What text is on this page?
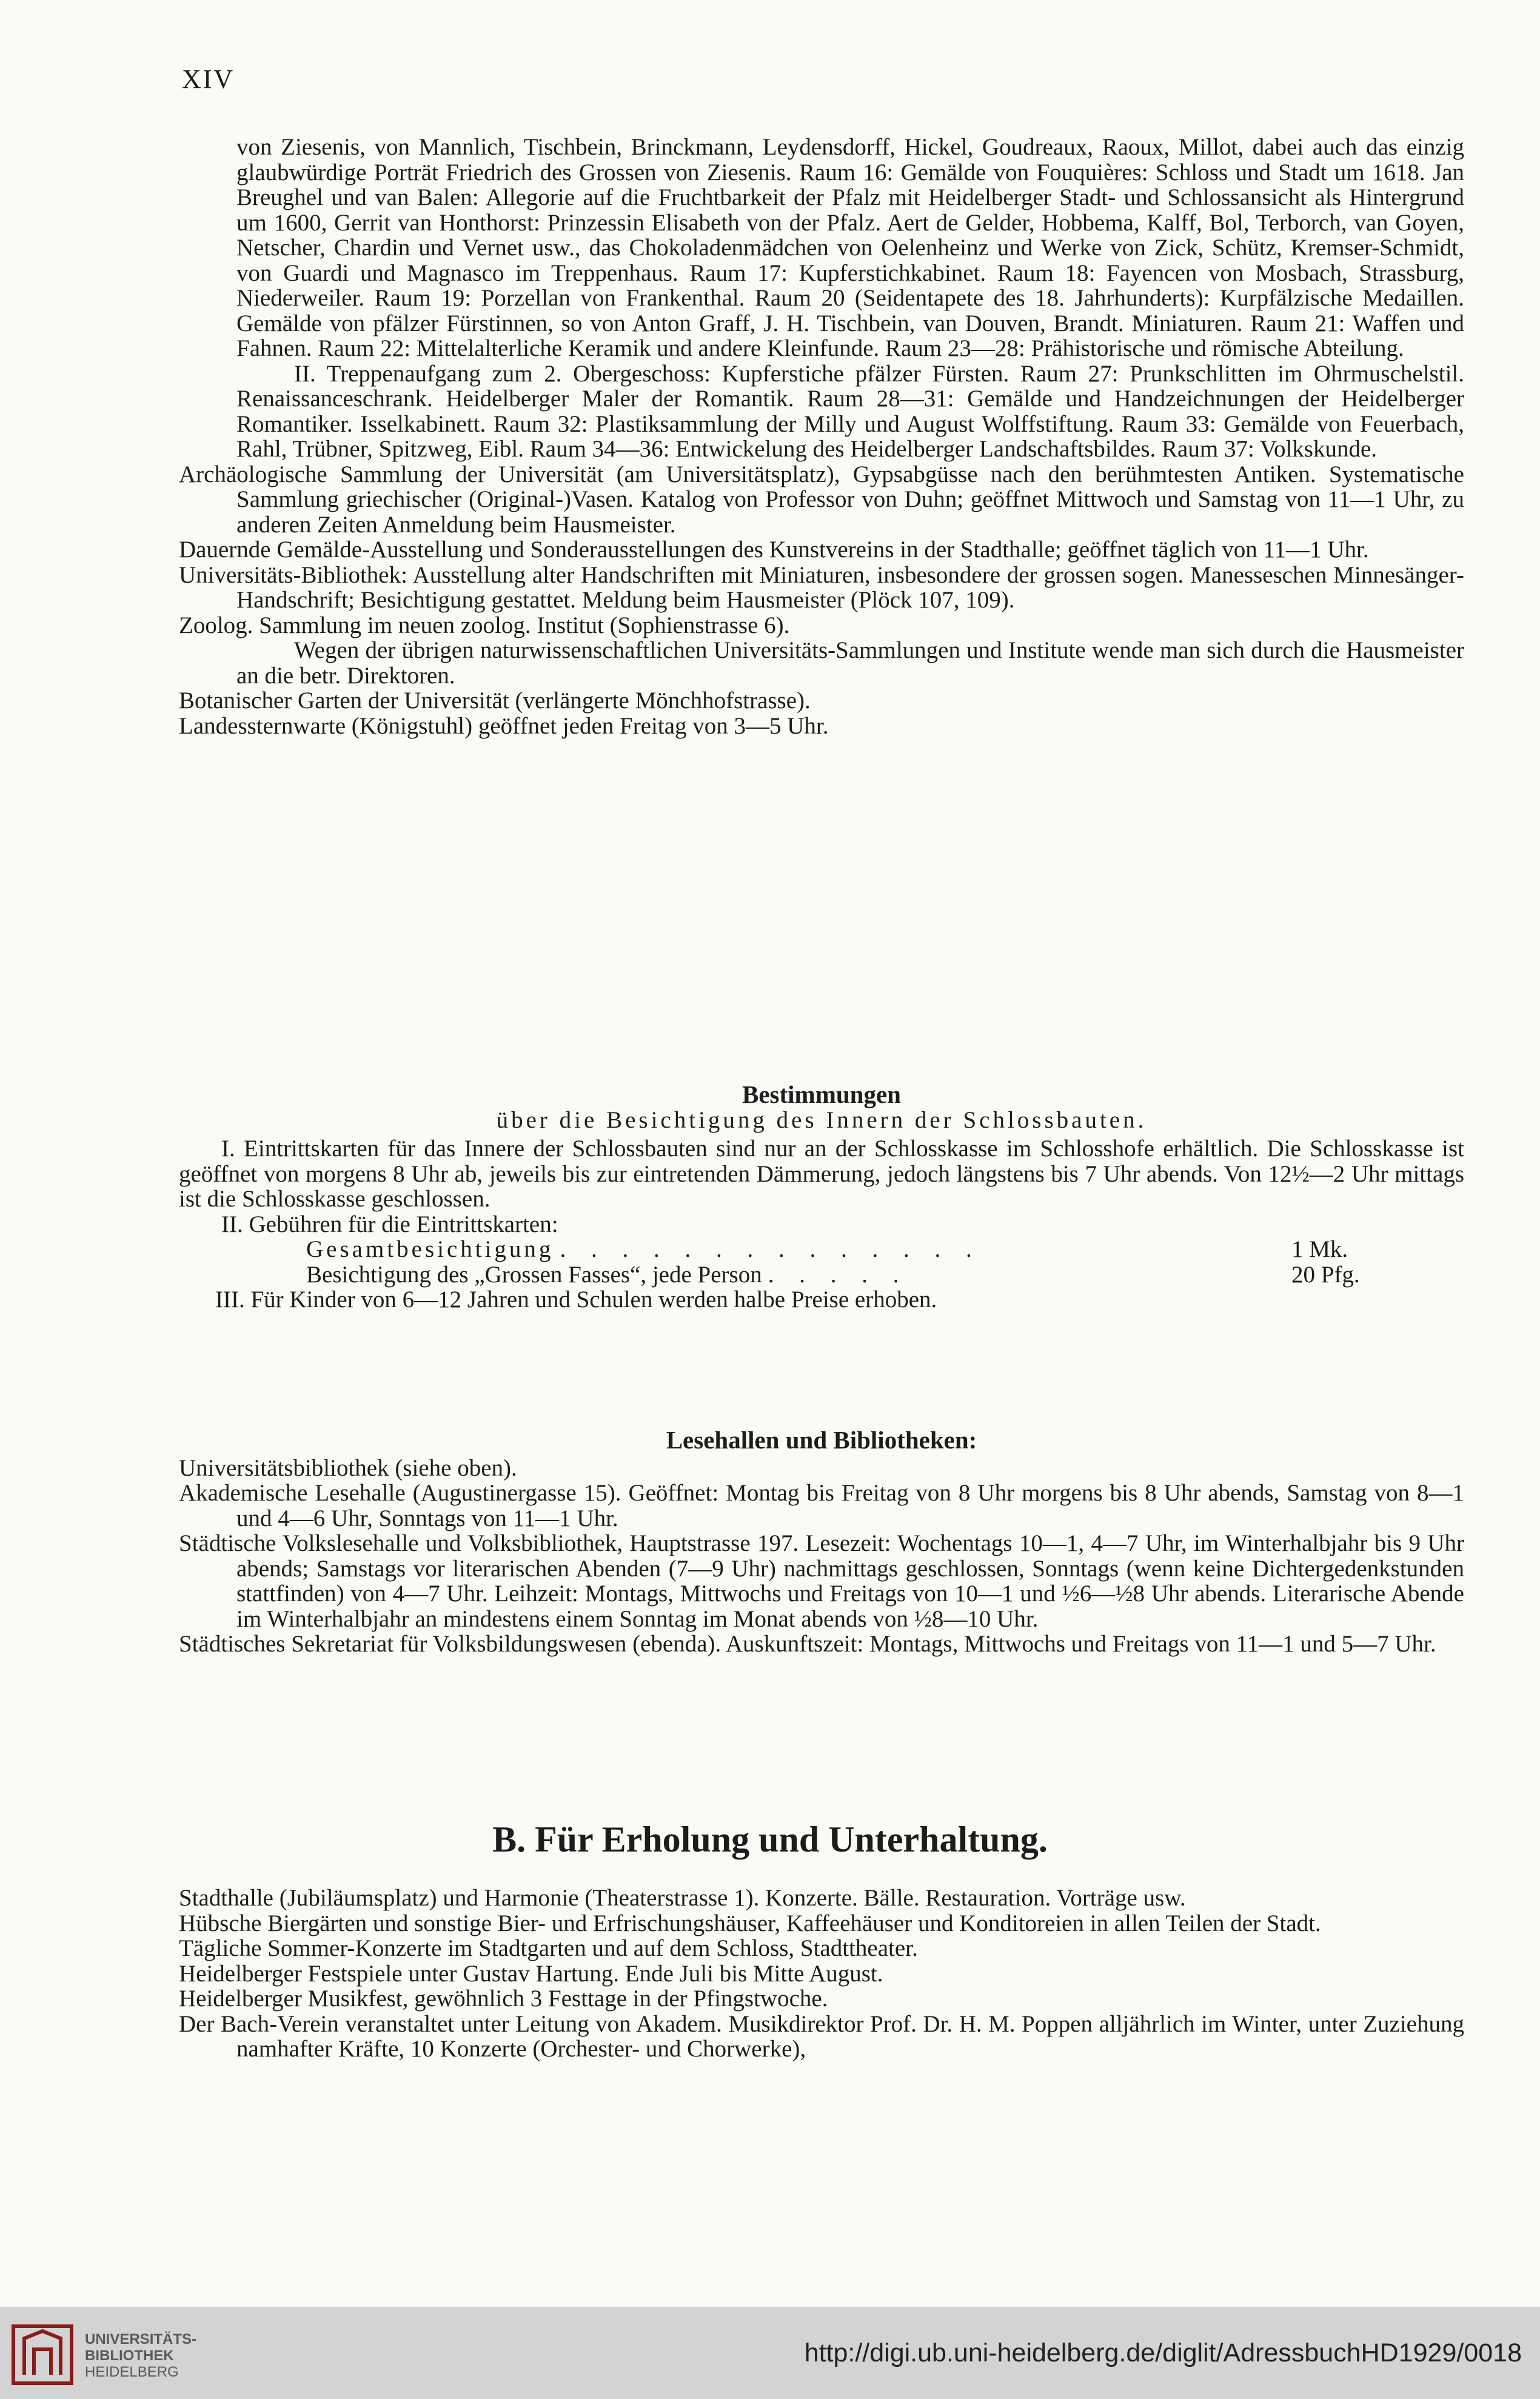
XIV

von Ziesenis, von Mannlich, Tischbein, Brinckmann, Leydensdorff, Hickel, Goudreaux, Raoux, Millot, dabei auch das einzig glaubwürdige Porträt Friedrich des Grossen von Ziesenis. Raum 16: Gemälde von Fouquières: Schloss und Stadt um 1618. Jan Breughel und van Balen: Allegorie auf die Fruchtbarkeit der Pfalz mit Heidelberger Stadt- und Schlossansicht als Hintergrund um 1600, Gerrit van Honthorst: Prinzessin Elisabeth von der Pfalz. Aert de Gelder, Hobbema, Kalff, Bol, Terborch, van Goyen, Netscher, Chardin und Vernet usw., das Chokoladenmädchen von Oelenheinz und Werke von Zick, Schütz, Kremser-Schmidt, von Guardi und Magnasco im Treppenhaus. Raum 17: Kupferstichkabinet. Raum 18: Fayencen von Mosbach, Strassburg, Niederweiler. Raum 19: Porzellan von Frankenthal. Raum 20 (Seidentapete des 18. Jahrhunderts): Kurpfälzische Medaillen. Gemälde von pfälzer Fürstinnen, so von Anton Graff, J. H. Tischbein, van Douven, Brandt. Miniaturen. Raum 21: Waffen und Fahnen. Raum 22: Mittelalterliche Keramik und andere Kleinfunde. Raum 23—28: Prähistorische und römische Abteilung.

II. Treppenaufgang zum 2. Obergeschoss: Kupferstiche pfälzer Fürsten. Raum 27: Prunkschlitten im Ohrmuschelstil. Renaissanceschrank. Heidelberger Maler der Romantik. Raum 28—31: Gemälde und Handzeichnungen der Heidelberger Romantiker. Isselkabinett. Raum 32: Plastiksammlung der Milly und August Wolffstiftung. Raum 33: Gemälde von Feuerbach, Rahl, Trübner, Spitzweg, Eibl. Raum 34—36: Entwickelung des Heidelberger Landschaftsbildes. Raum 37: Volkskunde.

Archäologische Sammlung der Universität (am Universitätsplatz), Gypsabgüsse nach den berühmtesten Antiken. Systematische Sammlung griechischer (Original-)Vasen. Katalog von Professor von Duhn; geöffnet Mittwoch und Samstag von 11—1 Uhr, zu anderen Zeiten Anmeldung beim Hausmeister.

Dauernde Gemälde-Ausstellung und Sonderausstellungen des Kunstvereins in der Stadthalle; geöffnet täglich von 11—1 Uhr.

Universitäts-Bibliothek: Ausstellung alter Handschriften mit Miniaturen, insbesondere der grossen sogen. Manesseschen Minnesänger-Handschrift; Besichtigung gestattet. Meldung beim Hausmeister (Plöck 107, 109).

Zoolog. Sammlung im neuen zoolog. Institut (Sophienstrasse 6).

Wegen der übrigen naturwissenschaftlichen Universitäts-Sammlungen und Institute wende man sich durch die Hausmeister an die betr. Direktoren.

Botanischer Garten der Universität (verlängerte Mönchhofstrasse).

Landessternwarte (Königstuhl) geöffnet jeden Freitag von 3—5 Uhr.

Bestimmungen

über die Besichtigung des Innern der Schlossbauten.

I. Eintrittskarten für das Innere der Schlossbauten sind nur an der Schlosskasse im Schlosshofe erhältlich. Die Schlosskasse ist geöffnet von morgens 8 Uhr ab, jeweils bis zur eintretenden Dämmerung, jedoch längstens bis 7 Uhr abends. Von 12½—2 Uhr mittags ist die Schlosskasse geschlossen.

II. Gebühren für die Eintrittskarten:

Gesamtbesichtigung . . . . . . . . . . . . . .	1 Mk.
Besichtigung des „Grossen Fasses“, jede Person . . . . .	20 Pfg.

III. Für Kinder von 6—12 Jahren und Schulen werden halbe Preise erhoben.

Lesehallen und Bibliotheken:

Universitätsbibliothek (siehe oben).

Akademische Lesehalle (Augustinergasse 15). Geöffnet: Montag bis Freitag von 8 Uhr morgens bis 8 Uhr abends, Samstag von 8—1 und 4—6 Uhr, Sonntags von 11—1 Uhr.

Städtische Volkslesehalle und Volksbibliothek, Hauptstrasse 197. Lesezeit: Wochentags 10—1, 4—7 Uhr, im Winterhalbjahr bis 9 Uhr abends; Samstags vor literarischen Abenden (7—9 Uhr) nachmittags geschlossen, Sonntags (wenn keine Dichtergedenkstunden stattfinden) von 4—7 Uhr. Leihzeit: Montags, Mittwochs und Freitags von 10—1 und ½6—½8 Uhr abends. Literarische Abende im Winterhalbjahr an mindestens einem Sonntag im Monat abends von ½8—10 Uhr.

Städtisches Sekretariat für Volksbildungswesen (ebenda). Auskunftszeit: Montags, Mittwochs und Freitags von 11—1 und 5—7 Uhr.

B. Für Erholung und Unterhaltung.

Stadthalle (Jubiläumsplatz) und Harmonie (Theaterstrasse 1). Konzerte. Bälle. Restauration. Vorträge usw.

Hübsche Biergärten und sonstige Bier- und Erfrischungshäuser, Kaffeehäuser und Konditoreien in allen Teilen der Stadt.

Tägliche Sommer-Konzerte im Stadtgarten und auf dem Schloss, Stadttheater.

Heidelberger Festspiele unter Gustav Hartung. Ende Juli bis Mitte August.

Heidelberger Musikfest, gewöhnlich 3 Festtage in der Pfingstwoche.

Der Bach-Verein veranstaltet unter Leitung von Akadem. Musikdirektor Prof. Dr. H. M. Poppen alljährlich im Winter, unter Zuziehung namhafter Kräfte, 10 Konzerte (Orchester- und Chorwerke),

UNIVERSITÄTS-
BIBLIOTHEK
HEIDELBERG
http://digi.ub.uni-heidelberg.de/diglit/AdressbuchHD1929/0018
